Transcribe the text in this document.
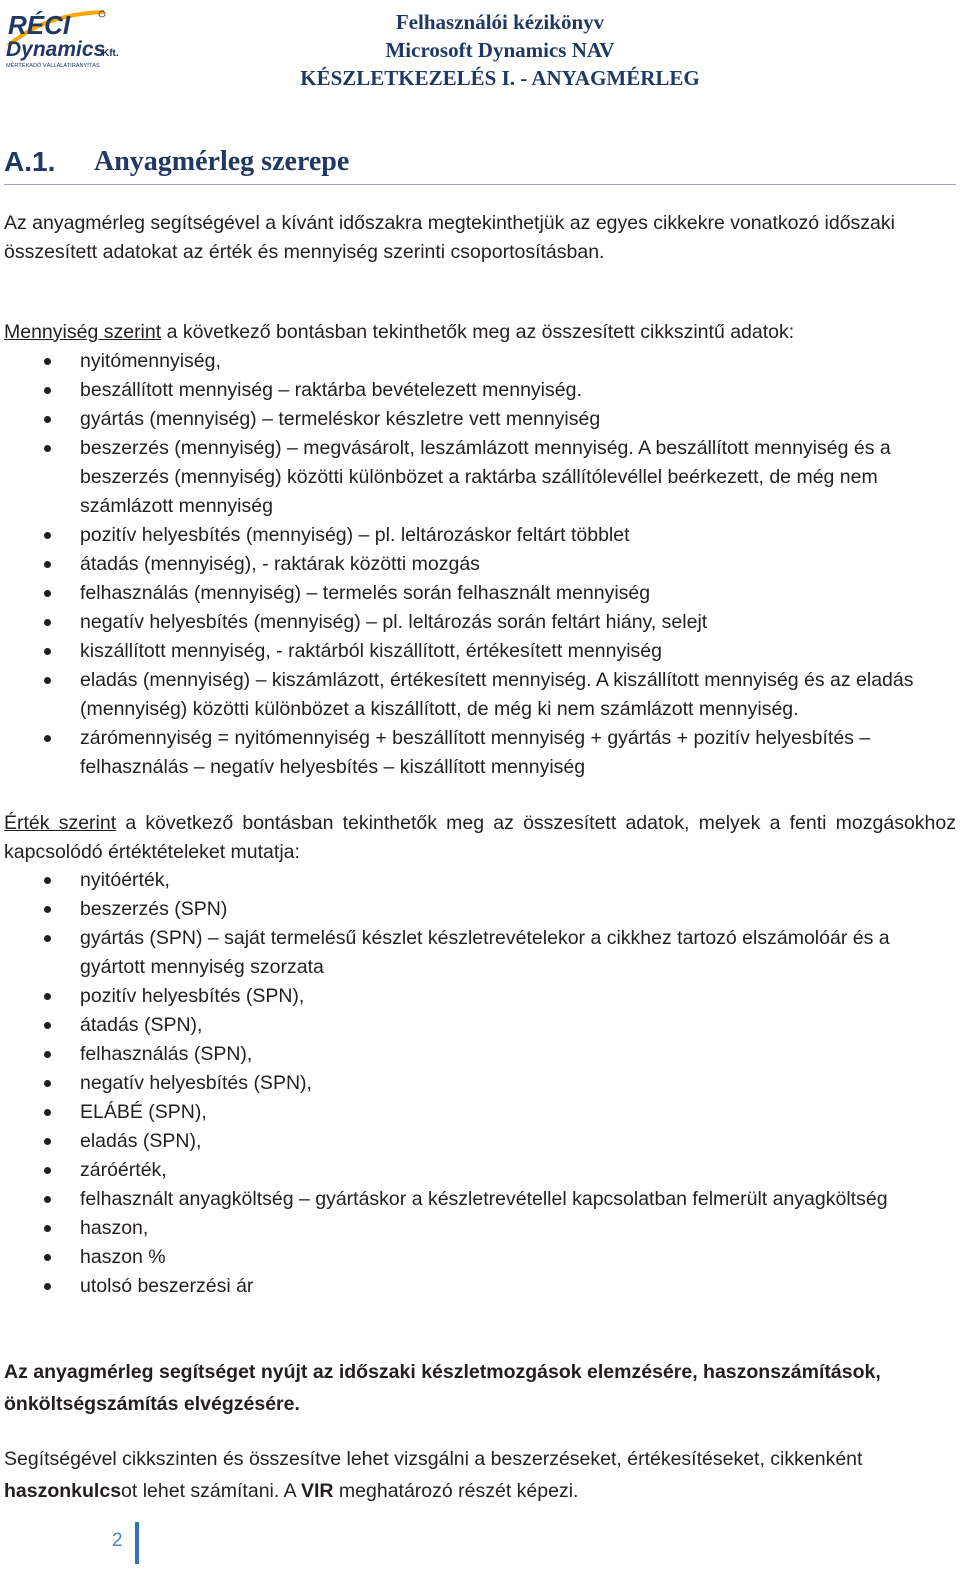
RÉCI
Dynamics
Kft.
MÉRTÉKADÓ VÁLLALATIRÁNYÍTÁS
Felhasználói kézikönyv
Microsoft Dynamics NAV
KÉSZLETKEZELÉS I. - ANYAGMÉRLEG
A.1. Anyagmérleg szerepe
Az anyagmérleg segítségével a kívánt időszakra megtekinthetjük az egyes cikkekre vonatkozó időszaki összesített adatokat az érték és mennyiség szerinti csoportosításban.
Mennyiség szerint a következő bontásban tekinthetők meg az összesített cikkszintű adatok:
nyitómennyiség,
beszállított mennyiség – raktárba bevételezett mennyiség.
gyártás (mennyiség) – termeléskor készletre vett mennyiség
beszerzés (mennyiség) – megvásárolt, leszámlázott mennyiség. A beszállított mennyiség és a beszerzés (mennyiség) közötti különbözet a raktárba szállítólevéllel beérkezett, de még nem számlázott mennyiség
pozitív helyesbítés (mennyiség) – pl. leltározáskor feltárt többlet
átadás (mennyiség), - raktárak közötti mozgás
felhasználás (mennyiség) – termelés során felhasznált mennyiség
negatív helyesbítés (mennyiség) – pl. leltározás során feltárt hiány, selejt
kiszállított mennyiség, - raktárból kiszállított, értékesített mennyiség
eladás (mennyiség) – kiszámlázott, értékesített mennyiség. A kiszállított mennyiség és az eladás (mennyiség) közötti különbözet a kiszállított, de még ki nem számlázott mennyiség.
zárómennyiség = nyitómennyiség + beszállított mennyiség + gyártás + pozitív helyesbítés – felhasználás – negatív helyesbítés – kiszállított mennyiség
Érték szerint a következő bontásban tekinthetők meg az összesített adatok, melyek a fenti mozgásokhoz kapcsolódó értéktételeket mutatja:
nyitóérték,
beszerzés (SPN)
gyártás (SPN) – saját termelésű készlet készletrevételekor a cikkhez tartozó elszámolóár és a gyártott mennyiség szorzata
pozitív helyesbítés (SPN),
átadás (SPN),
felhasználás (SPN),
negatív helyesbítés (SPN),
ELÁBÉ (SPN),
eladás (SPN),
záróérték,
felhasznált anyagköltség – gyártáskor a készletrevétellel kapcsolatban felmerült anyagköltség
haszon,
haszon %
utolsó beszerzési ár
Az anyagmérleg segítséget nyújt az időszaki készletmozgások elemzésére, haszonszámítások, önköltségszámítás elvégzésére.
Segítségével cikkszinten és összesítve lehet vizsgálni a beszerzéseket, értékesítéseket, cikkenként haszonkulcsot lehet számítani. A VIR meghatározó részét képezi.
2
